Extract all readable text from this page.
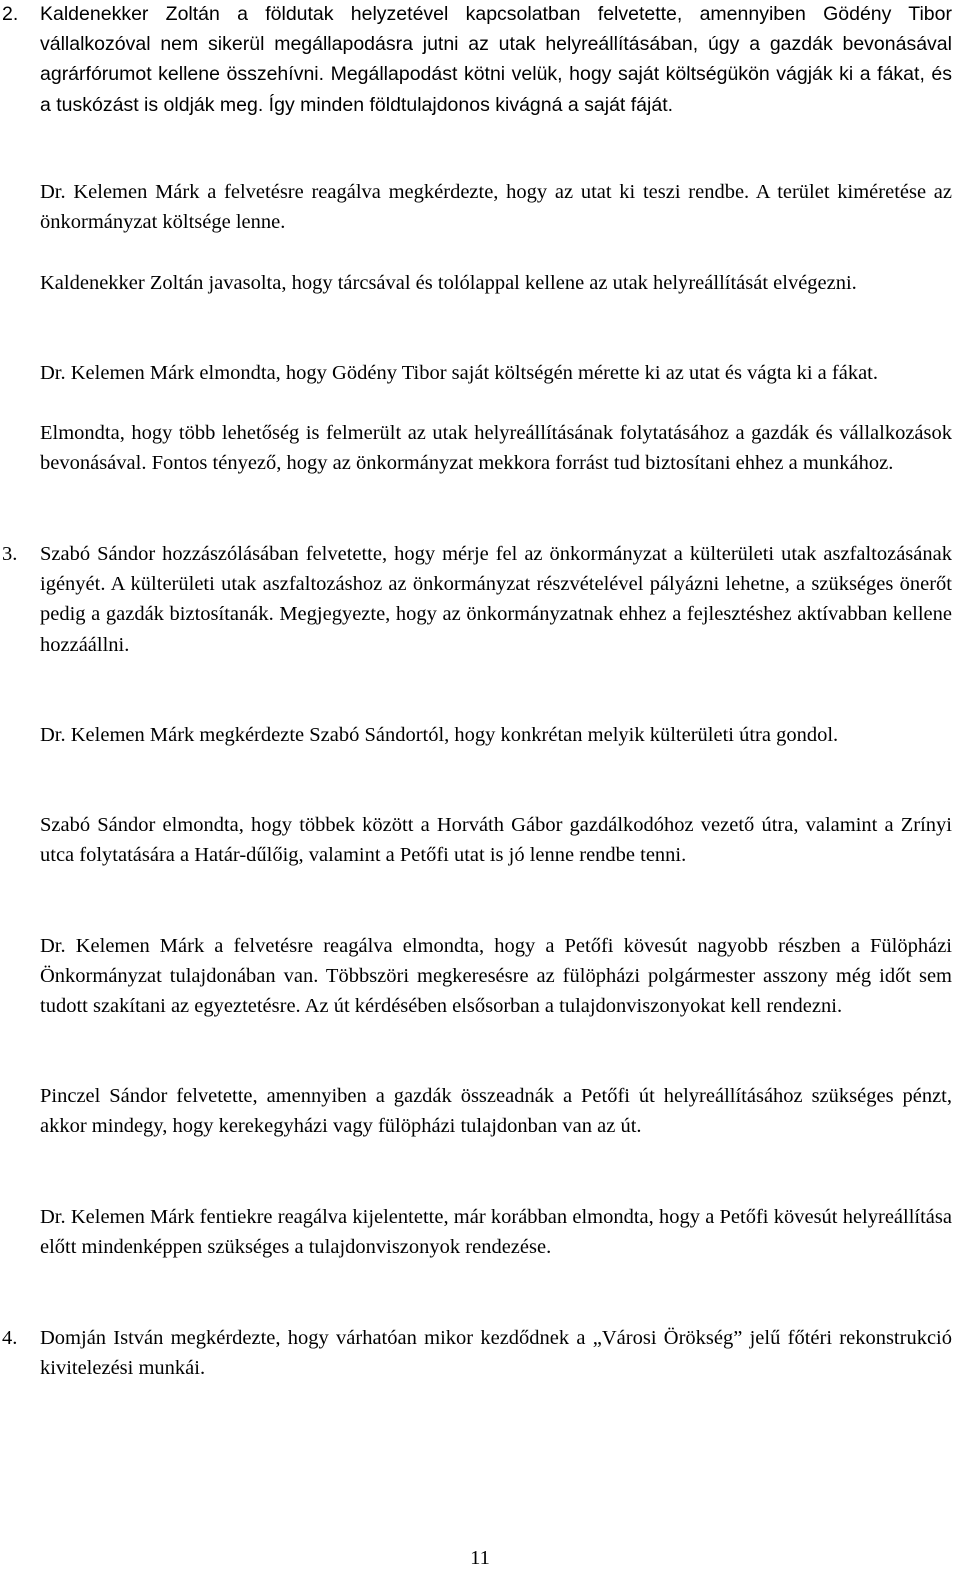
2.	Kaldenekker Zoltán a földutak helyzetével kapcsolatban felvetette, amennyiben Gödény Tibor vállalkozóval nem sikerül megállapodásra jutni az utak helyreállításában, úgy a gazdák bevonásával agrárfórumot kellene összehívni. Megállapodást kötni velük, hogy saját költségükön vágják ki a fákat, és a tuskózást is oldják meg. Így minden földtulajdonos kivágná a saját fáját.

Dr. Kelemen Márk a felvetésre reagálva megkérdezte, hogy az utat ki teszi rendbe. A terület kiméretése az önkormányzat költsége lenne.

Kaldenekker Zoltán javasolta, hogy tárcsával és tolólappal kellene az utak helyreállítását elvégezni.

Dr. Kelemen Márk elmondta, hogy Gödény Tibor saját költségén mérette ki az utat és vágta ki a fákat.

Elmondta, hogy több lehetőség is felmerült az utak helyreállításának folytatásához a gazdák és vállalkozások bevonásával. Fontos tényező, hogy az önkormányzat mekkora forrást tud biztosítani ehhez a munkához.

3.	Szabó Sándor hozzászólásában felvetette, hogy mérje fel az önkormányzat a külterületi utak aszfaltozásának igényét. A külterületi utak aszfaltozáshoz az önkormányzat részvételével pályázni lehetne, a szükséges önerőt pedig a gazdák biztosítanák. Megjegyezte, hogy az önkormányzatnak ehhez a fejlesztéshez aktívabban kellene hozzáállni.

Dr. Kelemen Márk megkérdezte Szabó Sándortól, hogy konkrétan melyik külterületi útra gondol.

Szabó Sándor elmondta, hogy többek között a Horváth Gábor gazdálkodóhoz vezető útra, valamint a Zrínyi utca folytatására a Határ-dűlőig, valamint a Petőfi utat is jó lenne rendbe tenni.

Dr. Kelemen Márk a felvetésre reagálva elmondta, hogy a Petőfi kövesút nagyobb részben a Fülöpházi Önkormányzat tulajdonában van. Többszöri megkeresésre az fülöpházi polgármester asszony még időt sem tudott szakítani az egyeztetésre. Az út kérdésében elsősorban a tulajdonviszonyokat kell rendezni.

Pinczel Sándor felvetette, amennyiben a gazdák összeadnák a Petőfi út helyreállításához szükséges pénzt, akkor mindegy, hogy kerekegyházi vagy fülöpházi tulajdonban van az út.

Dr. Kelemen Márk fentiekre reagálva kijelentette, már korábban elmondta, hogy a Petőfi kövesút helyreállítása előtt mindenképpen szükséges a tulajdonviszonyok rendezése.

4.	Domján István megkérdezte, hogy várhatóan mikor kezdődnek a „Városi Örökség” jelű főtéri rekonstrukció kivitelezési munkái.

11
